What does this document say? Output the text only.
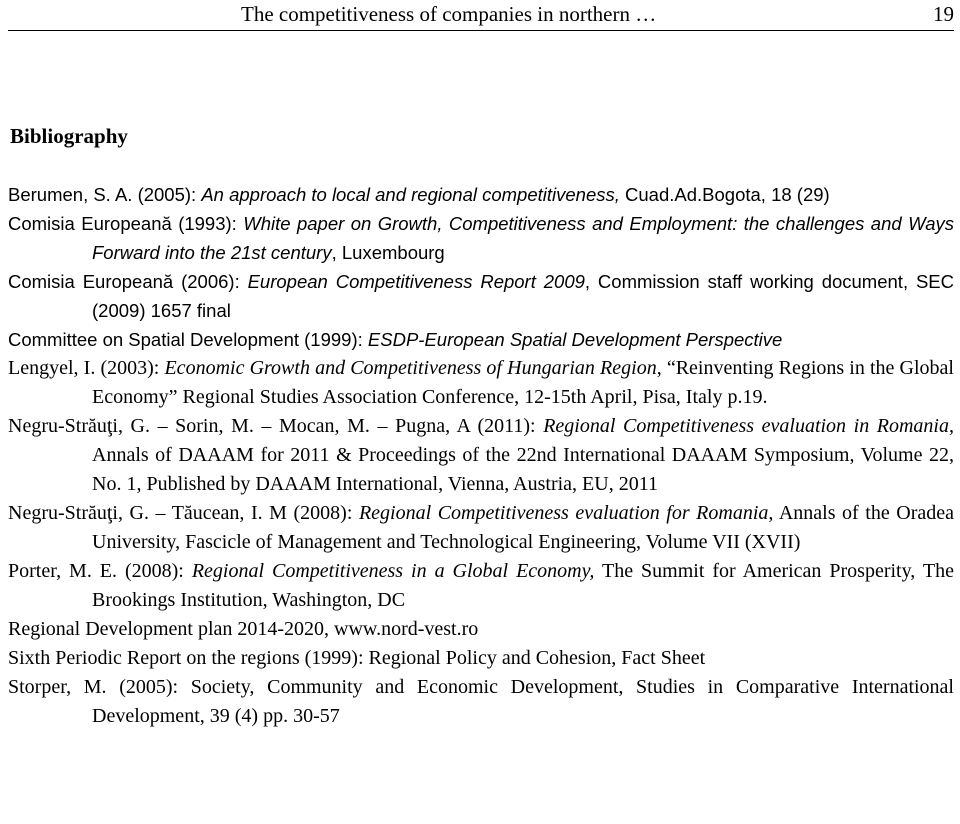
The competitiveness of companies in northern …	19
Bibliography
Berumen, S. A. (2005): An approach to local and regional competitiveness, Cuad.Ad.Bogota, 18 (29)
Comisia Europeană (1993): White paper on Growth, Competitiveness and Employment: the challenges and Ways Forward into the 21st century, Luxembourg
Comisia Europeană (2006): European Competitiveness Report 2009, Commission staff working document, SEC (2009) 1657 final
Committee on Spatial Development (1999): ESDP-European Spatial Development Perspective
Lengyel, I. (2003): Economic Growth and Competitiveness of Hungarian Region, “Reinventing Regions in the Global Economy” Regional Studies Association Conference, 12-15th April, Pisa, Italy p.19.
Negru-Străuţi, G. – Sorin, M. – Mocan, M. – Pugna, A (2011): Regional Competitiveness evaluation in Romania, Annals of DAAAM for 2011 & Proceedings of the 22nd International DAAAM Symposium, Volume 22, No. 1, Published by DAAAM International, Vienna, Austria, EU, 2011
Negru-Străuţi, G. – Tăucean, I. M (2008): Regional Competitiveness evaluation for Romania, Annals of the Oradea University, Fascicle of Management and Technological Engineering, Volume VII (XVII)
Porter, M. E. (2008): Regional Competitiveness in a Global Economy, The Summit for American Prosperity, The Brookings Institution, Washington, DC
Regional Development plan 2014-2020, www.nord-vest.ro
Sixth Periodic Report on the regions (1999): Regional Policy and Cohesion, Fact Sheet
Storper, M. (2005): Society, Community and Economic Development, Studies in Comparative International Development, 39 (4) pp. 30-57
